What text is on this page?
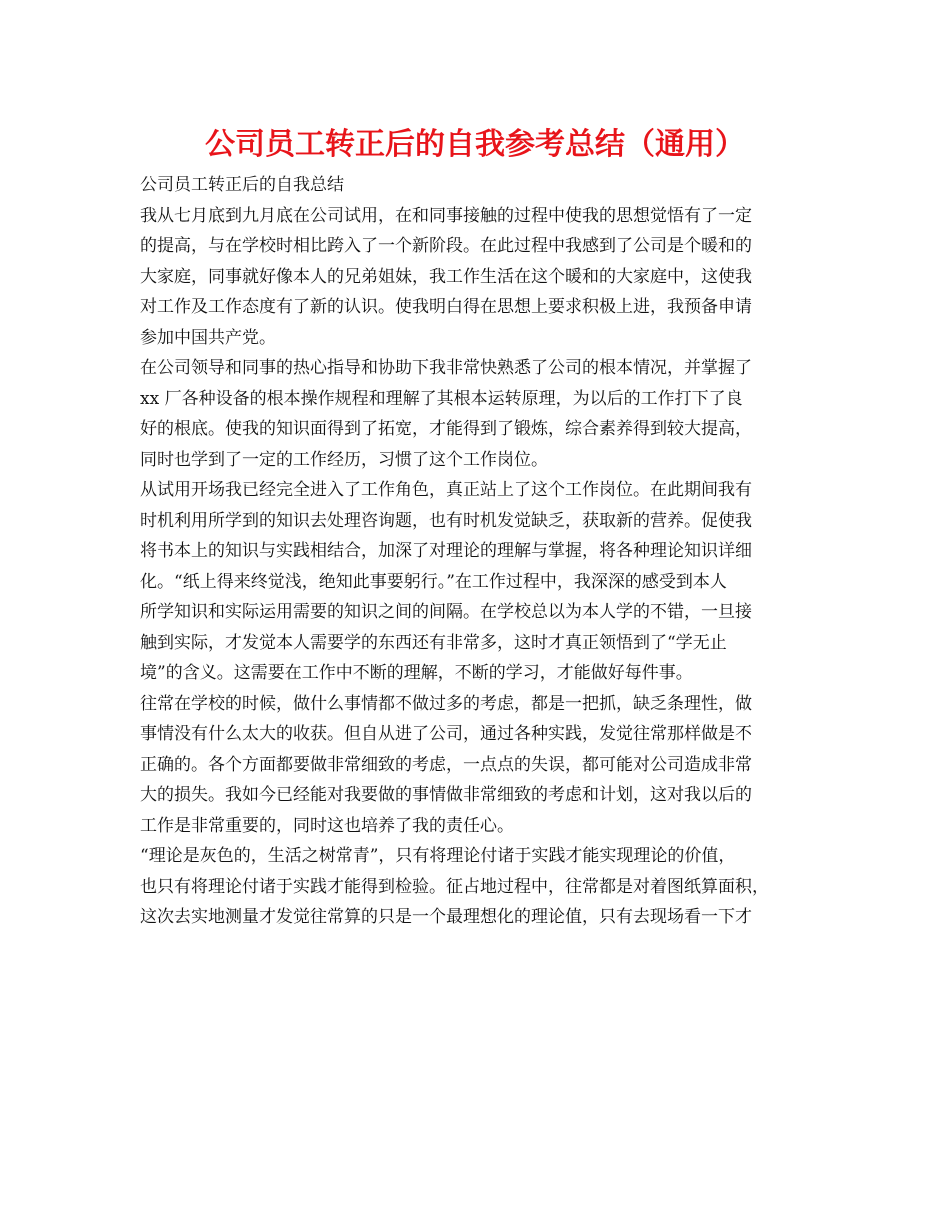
公司员工转正后的自我参考总结（通用）
公司员工转正后的自我总结
我从七月底到九月底在公司试用，在和同事接触的过程中使我的思想觉悟有了一定
的提高，与在学校时相比跨入了一个新阶段。在此过程中我感到了公司是个暖和的
大家庭，同事就好像本人的兄弟姐妹，我工作生活在这个暖和的大家庭中，这使我
对工作及工作态度有了新的认识。使我明白得在思想上要求积极上进，我预备申请
参加中国共产党。
在公司领导和同事的热心指导和协助下我非常快熟悉了公司的根本情况，并掌握了
xx 厂各种设备的根本操作规程和理解了其根本运转原理，为以后的工作打下了良
好的根底。使我的知识面得到了拓宽，才能得到了锻炼，综合素养得到较大提高，
同时也学到了一定的工作经历，习惯了这个工作岗位。
从试用开场我已经完全进入了工作角色，真正站上了这个工作岗位。在此期间我有
时机利用所学到的知识去处理咨询题，也有时机发觉缺乏，获取新的营养。促使我
将书本上的知识与实践相结合，加深了对理论的理解与掌握，将各种理论知识详细
化。“纸上得来终觉浅，绝知此事要躬行。”在工作过程中，我深深的感受到本人
所学知识和实际运用需要的知识之间的间隔。在学校总以为本人学的不错，一旦接
触到实际，才发觉本人需要学的东西还有非常多，这时才真正领悟到了“学无止
境”的含义。这需要在工作中不断的理解，不断的学习，才能做好每件事。
往常在学校的时候，做什么事情都不做过多的考虑，都是一把抓，缺乏条理性，做
事情没有什么太大的收获。但自从进了公司，通过各种实践，发觉往常那样做是不
正确的。各个方面都要做非常细致的考虑，一点点的失误，都可能对公司造成非常
大的损失。我如今已经能对我要做的事情做非常细致的考虑和计划，这对我以后的
工作是非常重要的，同时这也培养了我的责任心。
“理论是灰色的，生活之树常青”，只有将理论付诸于实践才能实现理论的价值，
也只有将理论付诸于实践才能得到检验。征占地过程中，往常都是对着图纸算面积，
这次去实地测量才发觉往常算的只是一个最理想化的理论值，只有去现场看一下才
